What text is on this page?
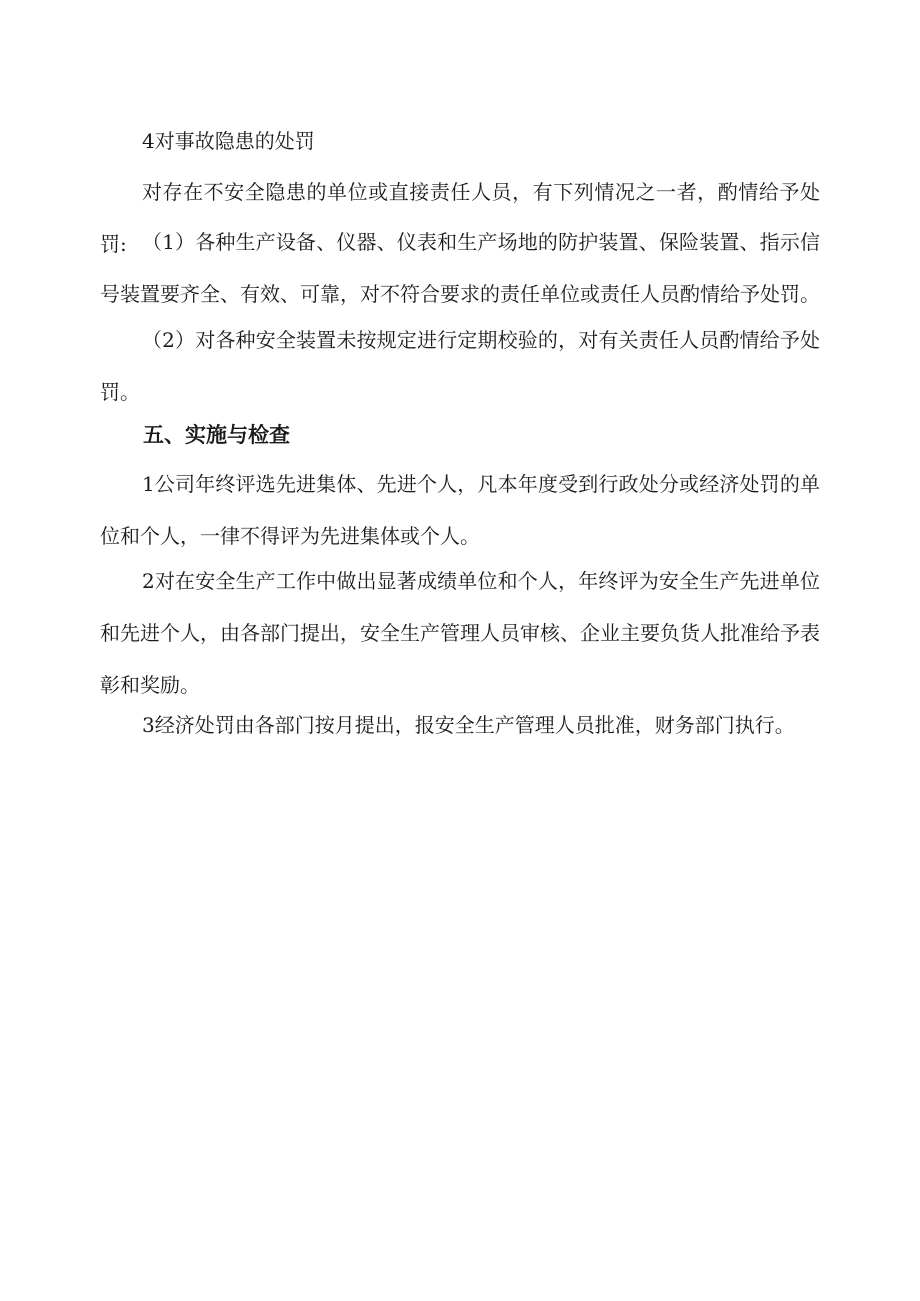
4对事故隐患的处罚

对存在不安全隐患的单位或直接责任人员，有下列情况之一者，酌情给予处罚: （1）各种生产设备、仪器、仪表和生产场地的防护装置、保险装置、指示信号装置要齐全、有效、可靠，对不符合要求的责任单位或责任人员酌情给予处罚。

（2）对各种安全装置未按规定进行定期校验的，对有关责任人员酌情给予处罚。

五、实施与检查

1公司年终评选先进集体、先进个人，凡本年度受到行政处分或经济处罚的单位和个人，一律不得评为先进集体或个人。

2对在安全生产工作中做出显著成绩单位和个人，年终评为安全生产先进单位和先进个人，由各部门提出，安全生产管理人员审核、企业主要负货人批准给予表彰和奖励。

3经济处罚由各部门按月提出，报安全生产管理人员批准，财务部门执行。
